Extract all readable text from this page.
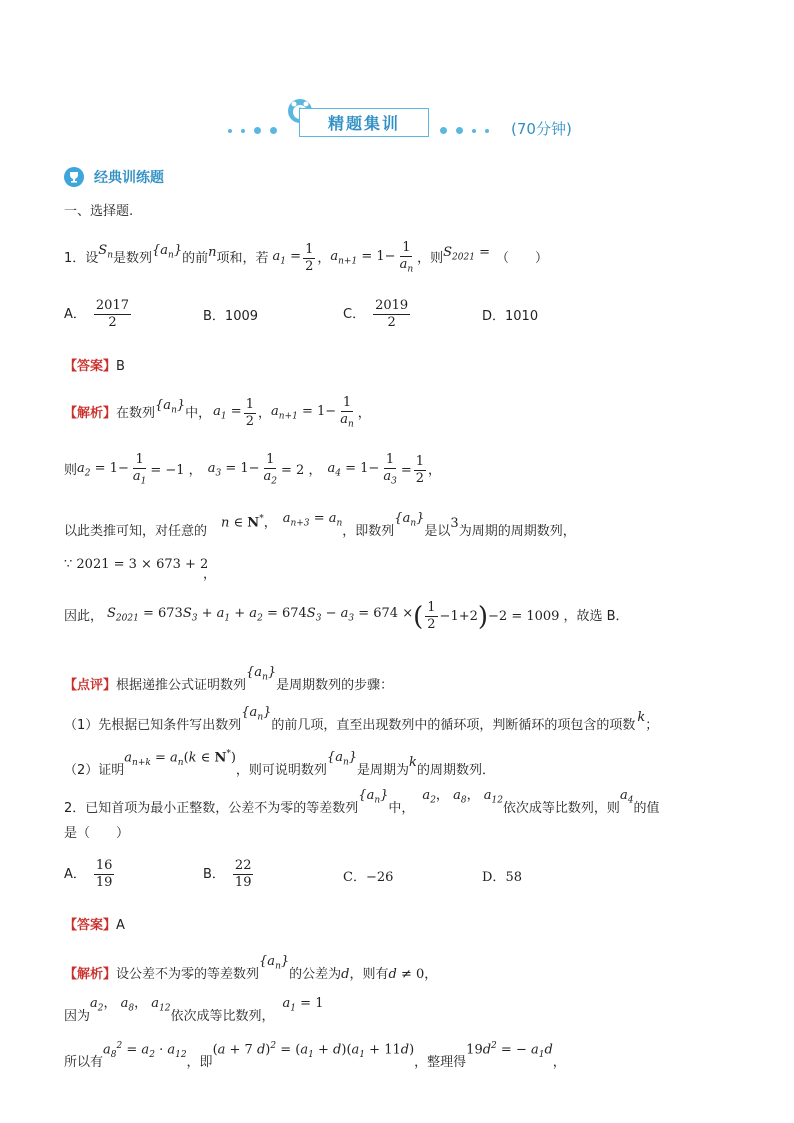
精题集训	(70分钟)
经典训练题
一、选择题.
1． 设
$S_n$ 是数列
$\{a_n\}$
的前 n 项和，若 $a_1 = \frac{1}{2}$ ， $a_{n+1} = 1- \frac{1}{a_n}$ ，则 $S_{2021}$ = （　　）
A． $\frac{2017}{2}$	B．1009	C． $\frac{2019}{2}$	D．1010
【答案】B
【解析】 在数列
$\{a_n\}$
中， $a_1 = \frac{1}{2}$ ， $a_{n+1} = 1- \frac{1}{a_n}$ ，
则 $a_2 = 1- \frac{1}{a_1} = -1$ ， $a_3 = 1- \frac{1}{a_2} = 2$ ， $a_4 = 1- \frac{1}{a_3} = \frac{1}{2}$ ，
以此类推可知，对任意的
n ∈ N*， $a_{n+3} = a_n$ ，即数列
$\{a_n\}$
是以
3
为周期的周期数列，
∵ 2021 = 3 × 673 + 2
，
因此， $S_{2021} = 673S_3 + a_1 + a_2 = 674S_3 - a_3 = 674$ × ( $\frac{1}{2} -1+2$ ) −2 = 1009 ，故选 B．
【点评】 根据递推公式证明数列
$\{a_n\}$
是周期数列的步骤：
（1）先根据已知条件写出数列
$\{a_n\}$
的前几项，直至出现数列中的循环项，判断循环的项包含的项数
k
；
（2）证明
$a_{n+k} = a_n(k$ ∈ N*)
，则可说明数列
$\{a_n\}$
是周期为
k
的周期数列．
2． 已知首项为最小正整数，公差不为零的等差数列
$\{a_n\}$
中，
$a_2$， $a_8$， $a_{12}$ 依次成等比数列，则
$a_4$ 的值
是（　　）
A． $\frac{16}{19}$	B． $\frac{22}{19}$	C．−26	D．58
【答案】A
【解析】 设公差不为零的等差数列
$\{a_n\}$
的公差为 d ，则有 d ≠ 0，
因为
$a_2$， $a_8$， $a_{12}$ 依次成等比数列，
$a_1 = 1$
所以有
$a_8^2 = a_2 \cdot a_{12}$ ，即
(a + 7 $d)^2 = (a_1 + d)(a_1 + 11d)$
，整理得
$19d^2$ = − $a_1d$
，
